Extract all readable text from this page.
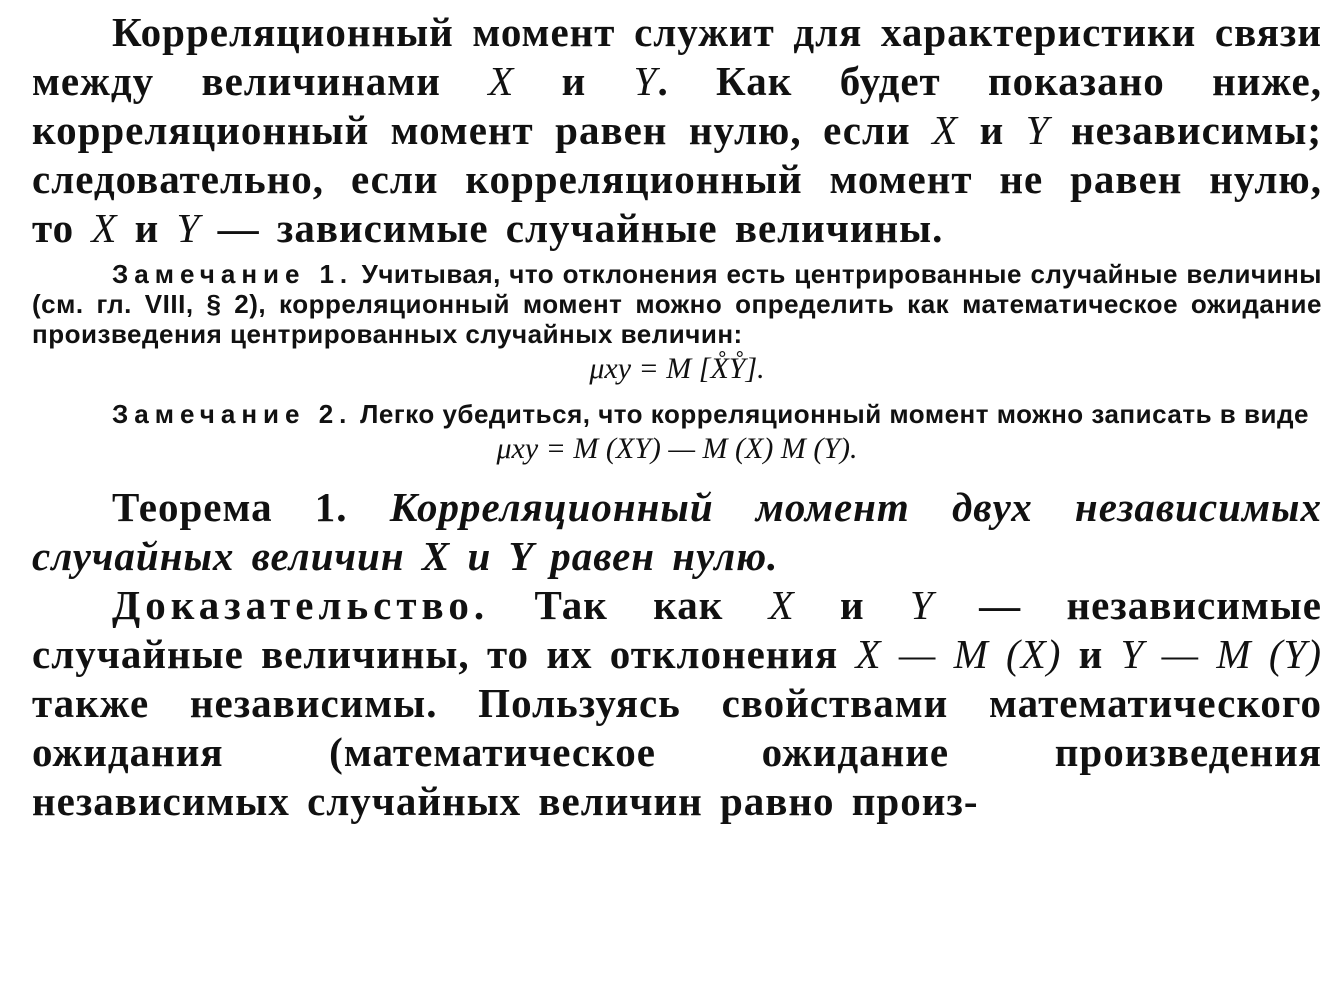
Корреляционный момент служит для характеристики связи между величинами X и Y. Как будет показано ниже, корреляционный момент равен нулю, если X и Y независимы; следовательно, если корреляционный момент не равен нулю, то X и Y — зависимые случайные величины.

Замечание 1. Учитывая, что отклонения есть центрированные случайные величины (см. гл. VIII, § 2), корреляционный момент можно определить как математическое ожидание произведения центрированных случайных величин:

μxy = M [X̊Y̊].

Замечание 2. Легко убедиться, что корреляционный момент можно записать в виде

μxy = M (XY) — M (X) M (Y).

Теорема 1. Корреляционный момент двух независимых случайных величин X и Y равен нулю.

Доказательство. Так как X и Y — независимые случайные величины, то их отклонения X — M (X) и Y — M (Y) также независимы. Пользуясь свойствами математического ожидания (математическое ожидание произведения независимых случайных величин равно произ-
